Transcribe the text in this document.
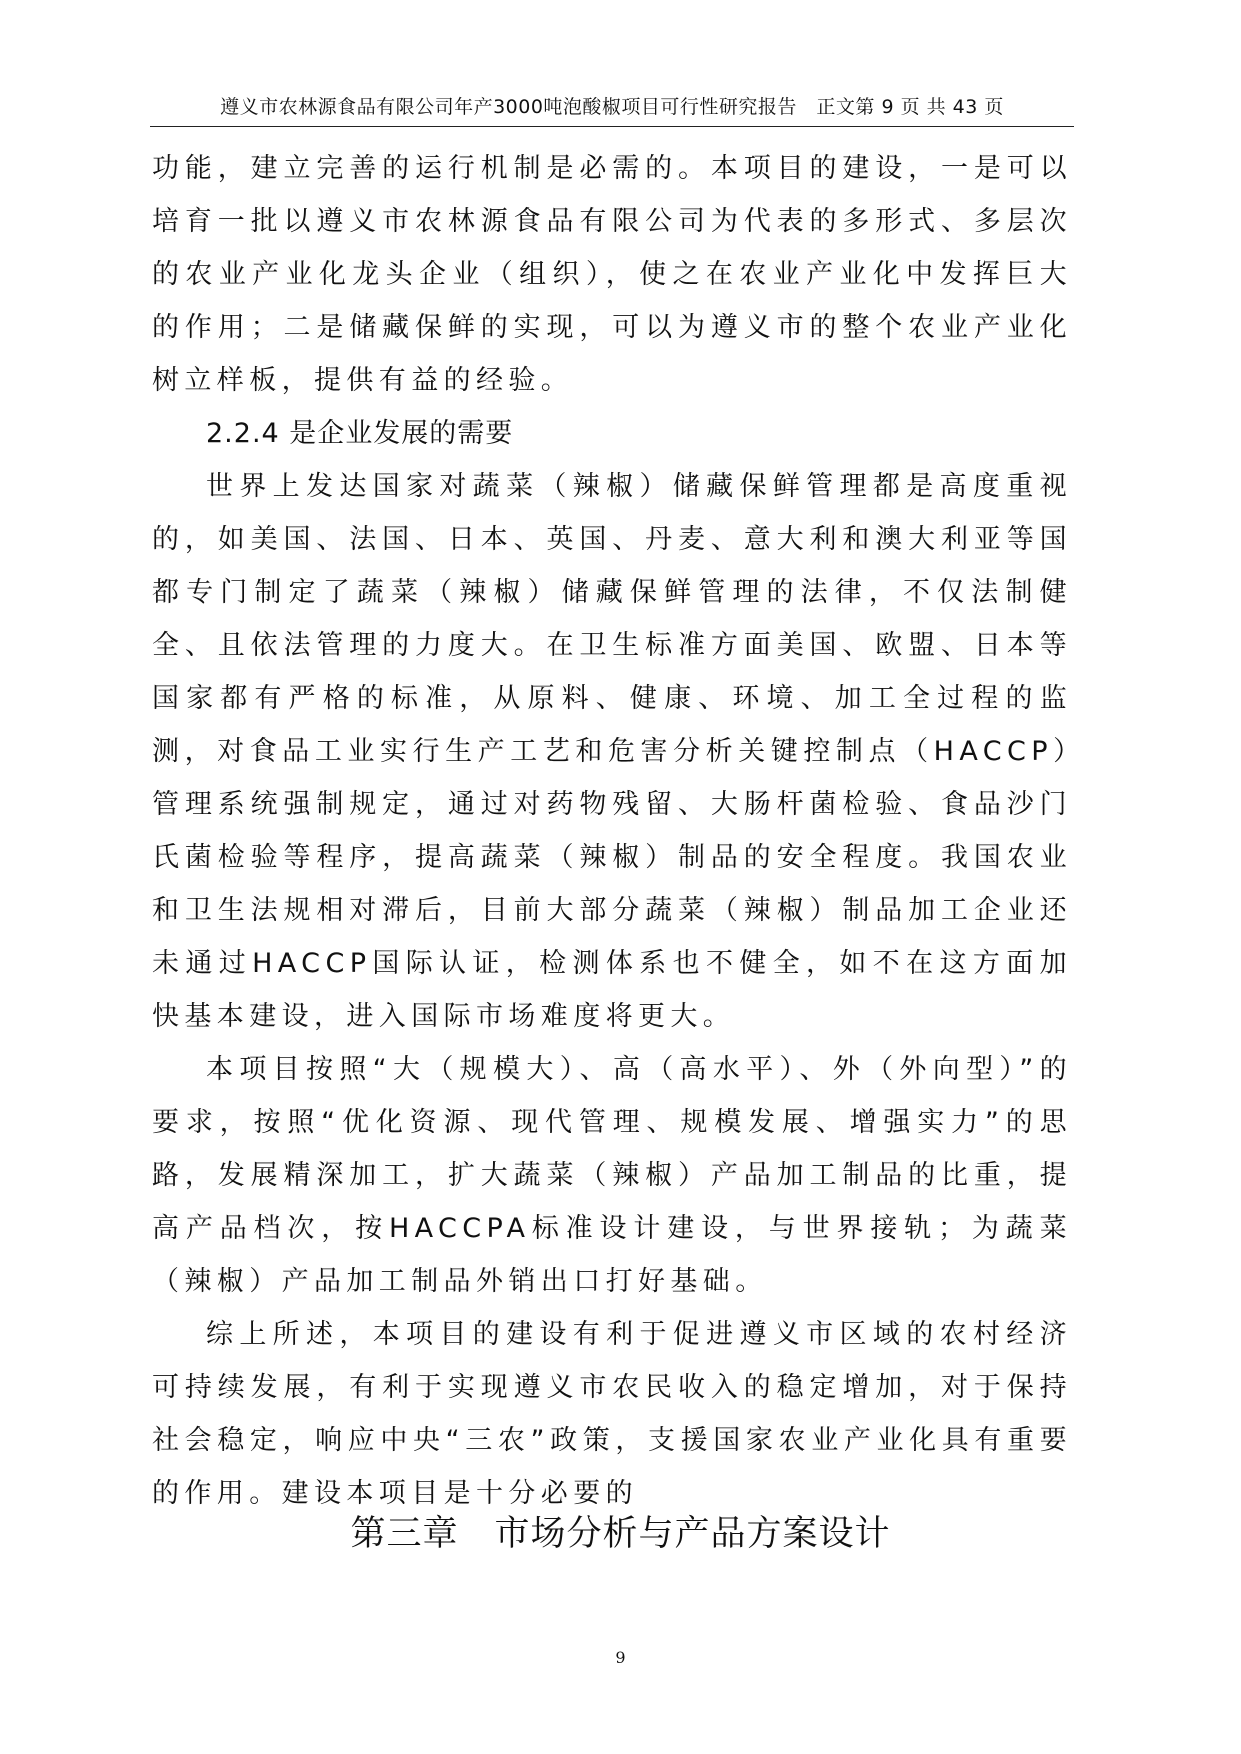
遵义市农林源食品有限公司年产3000吨泡酸椒项目可行性研究报告　正文第 9 页 共 43 页

功能，建立完善的运行机制是必需的。本项目的建设，一是可以培育一批以遵义市农林源食品有限公司为代表的多形式、多层次的农业产业化龙头企业（组织），使之在农业产业化中发挥巨大的作用；二是储藏保鲜的实现，可以为遵义市的整个农业产业化树立样板，提供有益的经验。

2.2.4 是企业发展的需要

世界上发达国家对蔬菜（辣椒）储藏保鲜管理都是高度重视的，如美国、法国、日本、英国、丹麦、意大利和澳大利亚等国都专门制定了蔬菜（辣椒）储藏保鲜管理的法律，不仅法制健全、且依法管理的力度大。在卫生标准方面美国、欧盟、日本等国家都有严格的标准，从原料、健康、环境、加工全过程的监测，对食品工业实行生产工艺和危害分析关键控制点（HACCP）管理系统强制规定，通过对药物残留、大肠杆菌检验、食品沙门氏菌检验等程序，提高蔬菜（辣椒）制品的安全程度。我国农业和卫生法规相对滞后，目前大部分蔬菜（辣椒）制品加工企业还未通过HACCP国际认证，检测体系也不健全，如不在这方面加快基本建设，进入国际市场难度将更大。

本项目按照“大（规模大）、高（高水平）、外（外向型）”的要求，按照“优化资源、现代管理、规模发展、增强实力”的思路，发展精深加工，扩大蔬菜（辣椒）产品加工制品的比重，提高产品档次，按HACCPA标准设计建设，与世界接轨；为蔬菜（辣椒）产品加工制品外销出口打好基础。

综上所述，本项目的建设有利于促进遵义市区域的农村经济可持续发展，有利于实现遵义市农民收入的稳定增加，对于保持社会稳定，响应中央“三农”政策，支援国家农业产业化具有重要的作用。建设本项目是十分必要的

第三章　市场分析与产品方案设计
9
